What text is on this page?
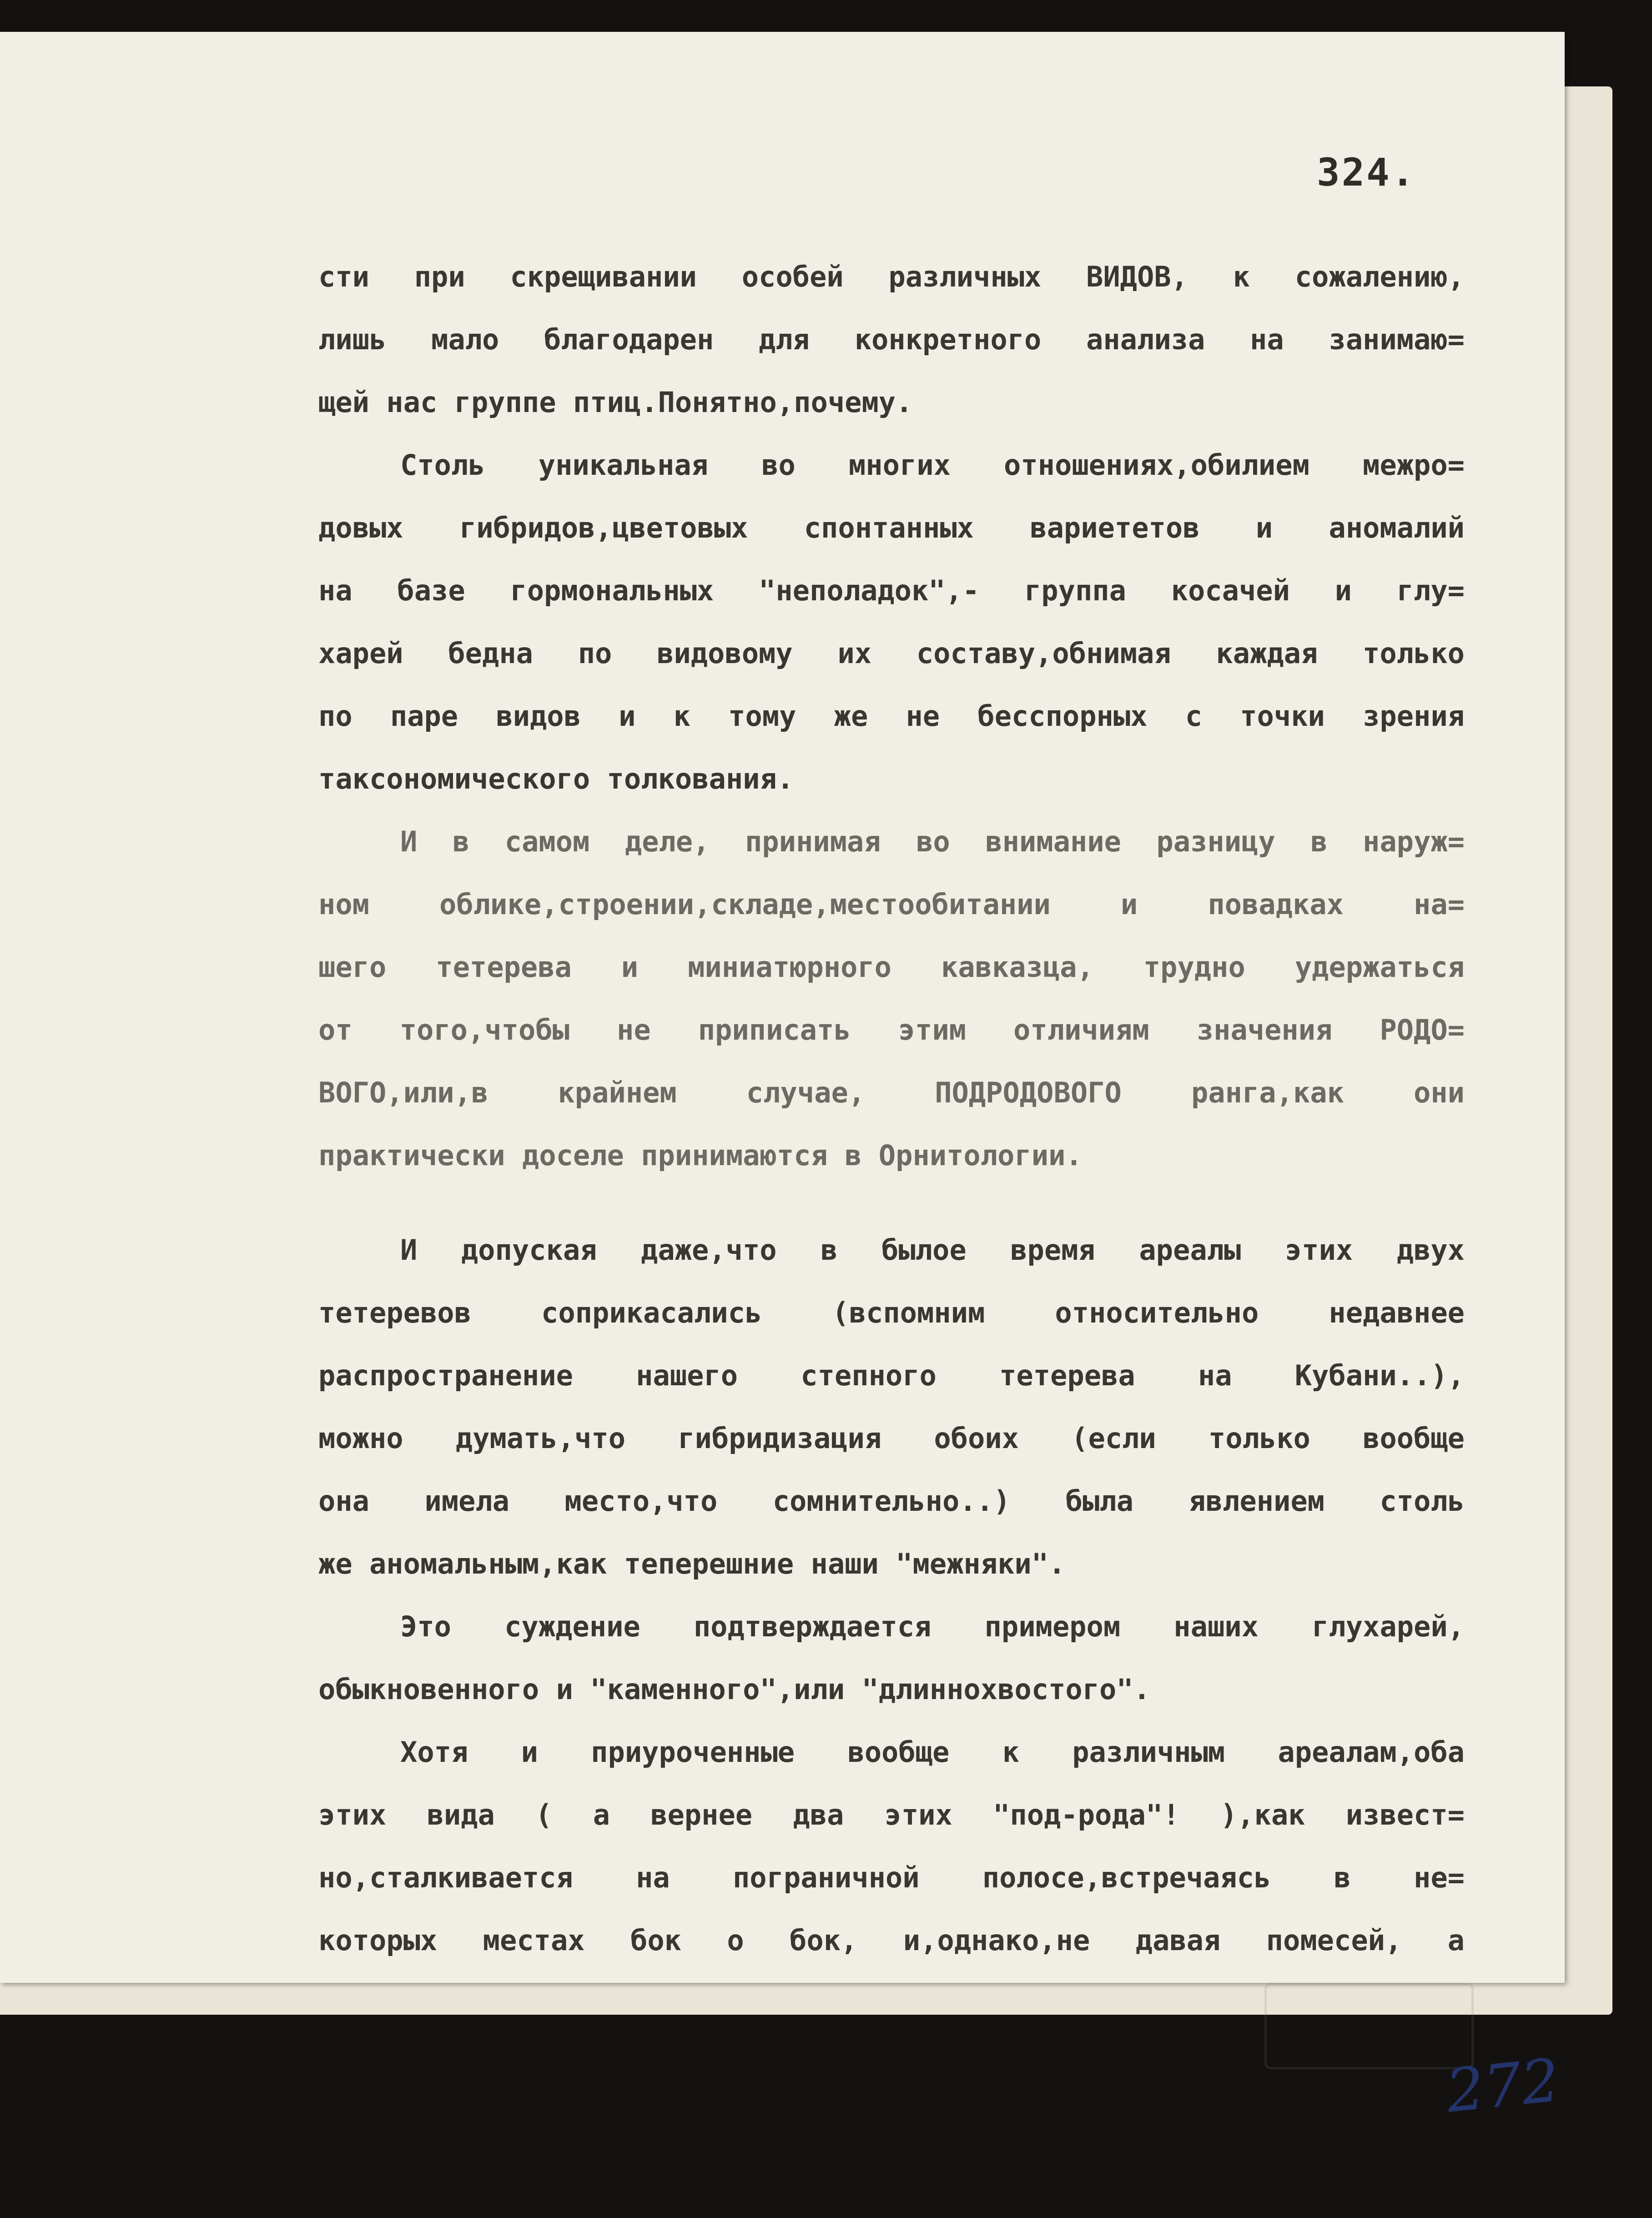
324.
сти при скрещивании особей различных ВИДОВ, к сожалению,
лишь мало благодарен для конкретного анализа на занимаю=
щей нас группе птиц.Понятно,почему.
Столь уникальная во многих отношениях,обилием межро=
довых гибридов,цветовых спонтанных вариететов и аномалий
на базе гормональных "неполадок",- группа косачей и глу=
харей бедна по видовому их составу,обнимая каждая только
по паре видов и к тому же не бесспорных с точки зрения
таксономического толкования.
И в самом деле, принимая во внимание разницу в наруж=
ном облике,строении,складе,местообитании и повадках на=
шего тетерева и миниатюрного кавказца, трудно удержаться
от того,чтобы не приписать этим отличиям значения РОДО=
ВОГО,или,в крайнем случае, ПОДРОДОВОГО ранга,как они
практически доселе принимаются в Орнитологии.
И допуская даже,что в былое время ареалы этих двух
тетеревов соприкасались (вспомним относительно недавнее
распространение нашего степного тетерева на Кубани..),
можно думать,что гибридизация обоих (если только вообще
она имела место,что сомнительно..) была явлением столь
же аномальным,как теперешние наши "межняки".
Это суждение подтверждается примером наших глухарей,
обыкновенного и "каменного",или "длиннохвостого".
Хотя и приуроченные вообще к различным ареалам,оба
этих вида ( а вернее два этих "под-рода"! ),как извест=
но,сталкивается на пограничной полосе,встречаясь в не=
которых местах бок о бок, и,однако,не давая помесей, а
272
